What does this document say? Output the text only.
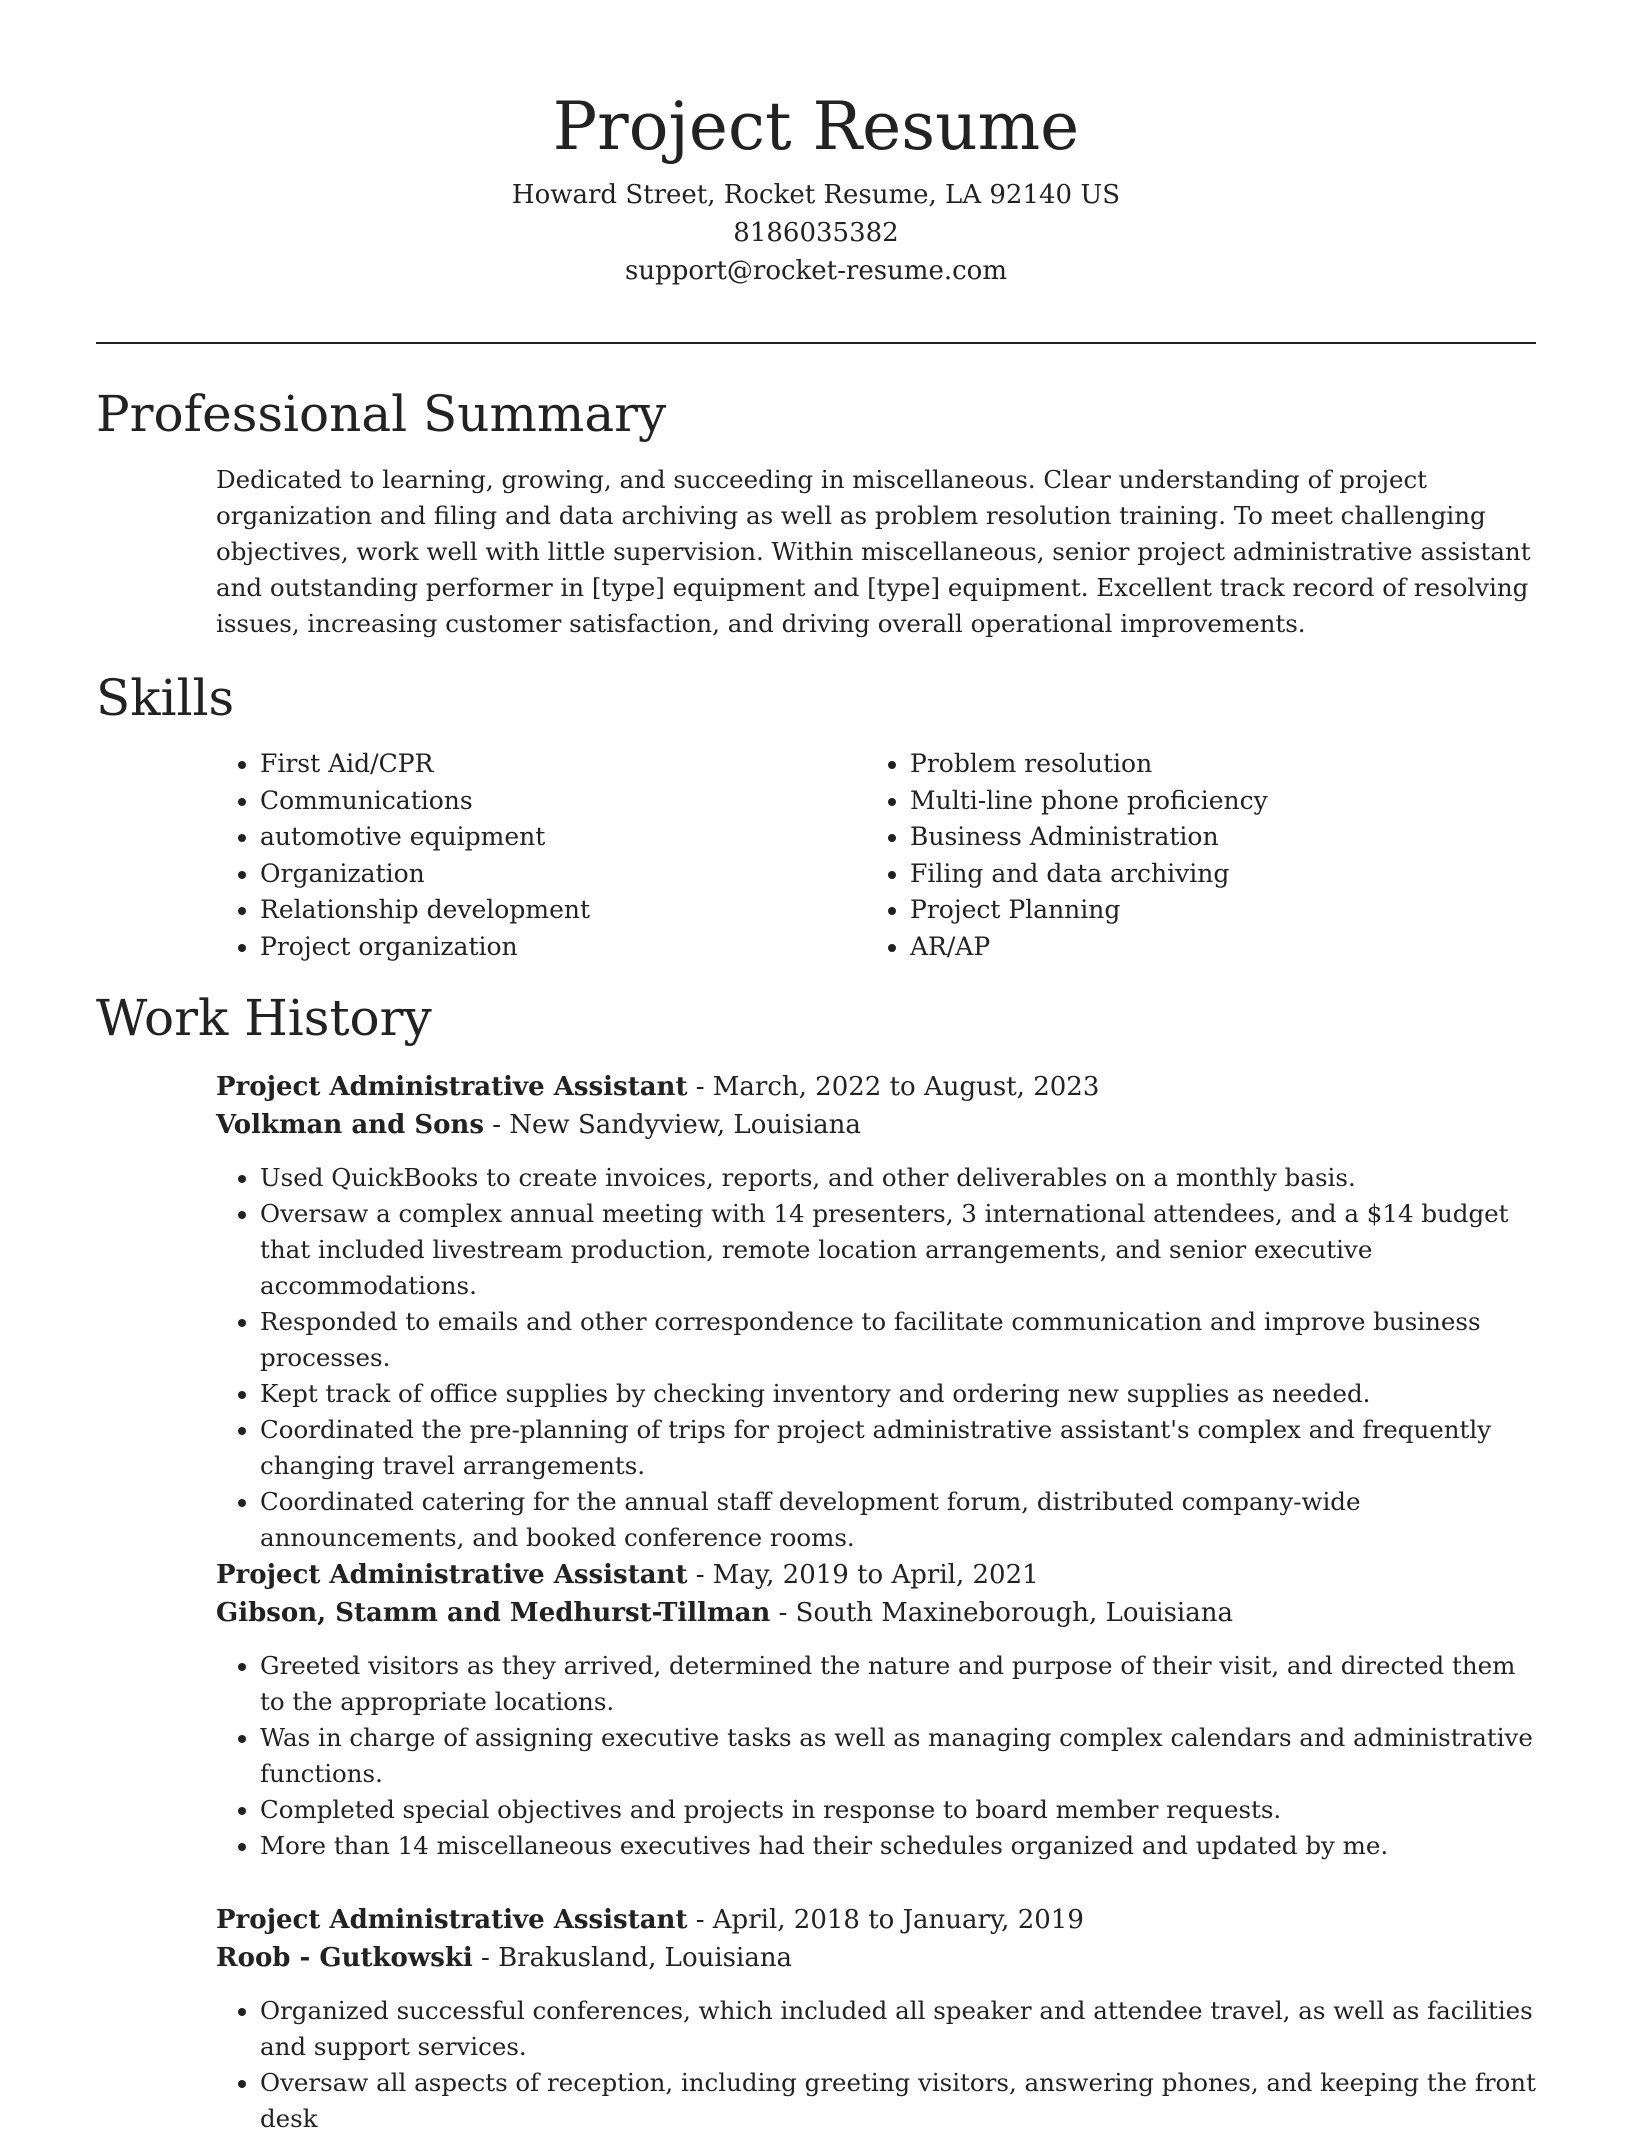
Project Resume
Howard Street, Rocket Resume, LA 92140 US
8186035382
support@rocket-resume.com
Professional Summary

Dedicated to learning, growing, and succeeding in miscellaneous. Clear understanding of project organization and filing and data archiving as well as problem resolution training. To meet challenging objectives, work well with little supervision. Within miscellaneous, senior project administrative assistant and outstanding performer in [type] equipment and [type] equipment. Excellent track record of resolving issues, increasing customer satisfaction, and driving overall operational improvements.

Skills
• First Aid/CPR
• Communications
• automotive equipment
• Organization
• Relationship development
• Project organization
• Problem resolution
• Multi-line phone proficiency
• Business Administration
• Filing and data archiving
• Project Planning
• AR/AP
Work History

Project Administrative Assistant - March, 2022 to August, 2023

Volkman and Sons - New Sandyview, Louisiana

• Used QuickBooks to create invoices, reports, and other deliverables on a monthly basis.
• Oversaw a complex annual meeting with 14 presenters, 3 international attendees, and a $14 budget that included livestream production, remote location arrangements, and senior executive accommodations.
• Responded to emails and other correspondence to facilitate communication and improve business processes.
• Kept track of office supplies by checking inventory and ordering new supplies as needed.
• Coordinated the pre-planning of trips for project administrative assistant's complex and frequently changing travel arrangements.
• Coordinated catering for the annual staff development forum, distributed company-wide announcements, and booked conference rooms.

Project Administrative Assistant - May, 2019 to April, 2021

Gibson, Stamm and Medhurst-Tillman - South Maxineborough, Louisiana

• Greeted visitors as they arrived, determined the nature and purpose of their visit, and directed them to the appropriate locations.
• Was in charge of assigning executive tasks as well as managing complex calendars and administrative functions.
• Completed special objectives and projects in response to board member requests.
• More than 14 miscellaneous executives had their schedules organized and updated by me.

Project Administrative Assistant - April, 2018 to January, 2019

Roob - Gutkowski - Brakusland, Louisiana

• Organized successful conferences, which included all speaker and attendee travel, as well as facilities and support services.
• Oversaw all aspects of reception, including greeting visitors, answering phones, and keeping the front desk
